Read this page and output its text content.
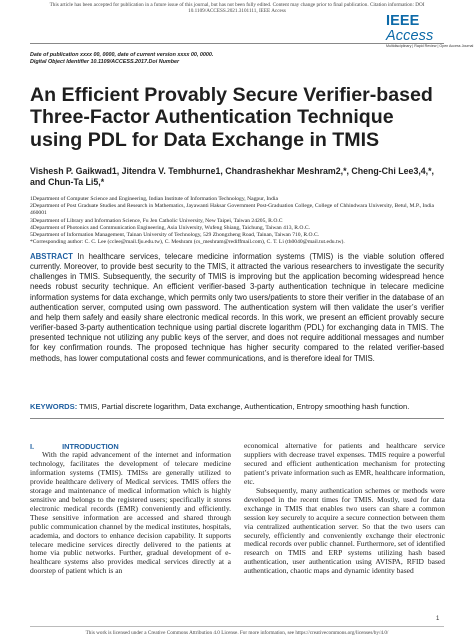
This article has been accepted for publication in a future issue of this journal, but has not been fully edited. Content may change prior to final publication. Citation information: DOI
10.1109/ACCESS.2021.3101111, IEEE Access
IEEE Access
Multidisciplinary | Rapid Review | Open Access Journal
Date of publication xxxx 00, 0000, date of current version xxxx 00, 0000.
Digital Object Identifier 10.1109/ACCESS.2017.Doi Number
An Efficient Provably Secure Verifier-based Three-Factor Authentication Technique using PDL for Data Exchange in TMIS
Vishesh P. Gaikwad1, Jitendra V. Tembhurne1, Chandrashekhar Meshram2,*, Cheng-Chi Lee3,4,*, and Chun-Ta Li5,*
1Department of Computer Science and Engineering, Indian Institute of Information Technology, Nagpur, India
2Department of Post Graduate Studies and Research in Mathematics, Jayawanti Haksar Government Post-Graduation College, College of Chhindwara University, Betul, M.P., India 460001
3Department of Library and Information Science, Fu Jen Catholic University, New Taipei, Taiwan 24205, R.O.C
4Department of Photonics and Communication Engineering, Asia University, Wufeng Shiang, Taichung, Taiwan 413, R.O.C.
5Department of Information Management, Tainan University of Technology, 529 Zhongzheng Road, Tainan, Taiwan 710, R.O.C.
*Corresponding author: C. C. Lee (cclee@mail.fju.edu.tw), C. Meshram (cs_meshram@rediffmail.com), C. T. Li (th0040@mail.tut.edu.tw).
ABSTRACT In healthcare services, telecare medicine information systems (TMIS) is the viable solution offered currently. Moreover, to provide best security to the TMIS, it attracted the various researchers to investigate the security challenges in TMIS. Subsequently, the security of TMIS is improving but the application becoming widespread hence needs robust security technique. An efficient verifier-based 3-party authentication technique in telecare medicine information systems for data exchange, which permits only two users/patients to store their verifier in the database of an authentication server, computed using own password. The authentication system will then validate the user’s verifier and help them safely and easily share electronic medical records. In this work, we present an efficient provably secure verifier-based 3-party authentication technique using partial discrete logarithm (PDL) for exchanging data in TMIS. The presented technique not utilizing any public keys of the server, and does not require additional messages and number for key confirmation rounds. The proposed technique has higher security compared to the related verifier-based methods, has lower computational costs and fewer communications, and is therefore ideal for TMIS.
KEYWORDS: TMIS, Partial discrete logarithm, Data exchange, Authentication, Entropy smoothing hash function.
I.	INTRODUCTION

With the rapid advancement of the internet and information technology, facilitates the development of telecare medicine information systems (TMIS). TMISs are generally utilized to provide healthcare delivery of Medical services. TMIS offers the storage and maintenance of medical information which is highly sensitive and belongs to the registered users; specifically it stores electronic medical records (EMR) conveniently and efficiently. These sensitive information are accessed and shared through public communication channel by the medical institutes, hospitals, academia, and doctors to enhance decision capability. It supports telecare medicine services directly delivered to the patients at home via public networks. Further, gradual development of e-healthcare systems also provides medical services directly at a doorstep of patient which is an

economical alternative for patients and healthcare service suppliers with decrease travel expenses. TMIS require a powerful secured and efficient authentication mechanism for protecting patient’s private information such as EMR, healthcare information, etc.

Subsequently, many authentication schemes or methods were developed in the recent times for TMIS. Mostly, used for data exchange in TMIS that enables two users can share a common session key securely to acquire a secure connection between them via centralized authentication server. So that the two users can securely, efficiently and conveniently exchange their electronic medical records over public channel. Furthermore, set of identified research on TMIS and ERP systems utilizing hash based authentication, user authentication using AVISPA, RFID based authentication, chaotic maps and dynamic identity based

1
This work is licensed under a Creative Commons Attribution 4.0 License. For more information, see https://creativecommons.org/licenses/by/4.0/
